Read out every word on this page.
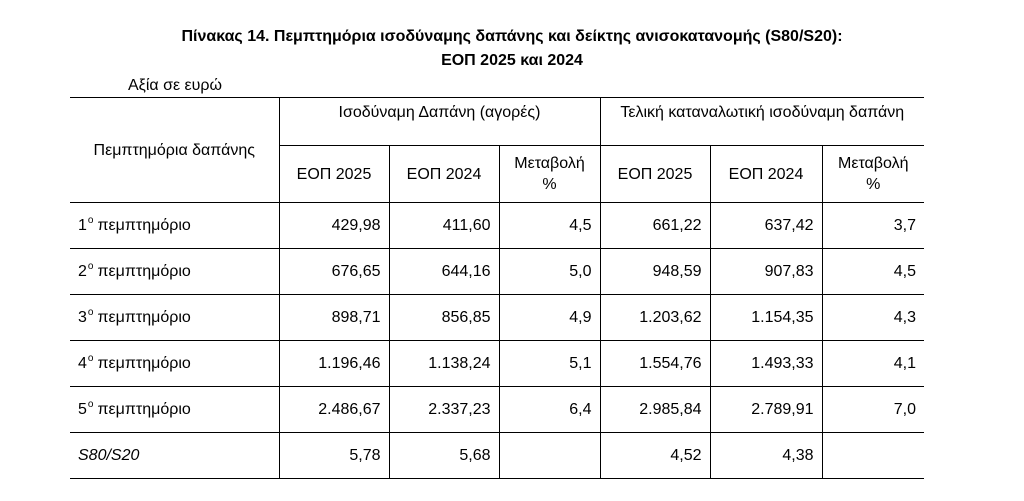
Πίνακας 14. Πεμπτημόρια ισοδύναμης δαπάνης και δείκτης ανισοκατανομής (S80/S20):
ΕΟΠ 2025 και 2024
Αξία σε ευρώ
Πεμπτημόρια δαπάνης	Ισοδύναμη Δαπάνη (αγορές)			Τελική καταναλωτική ισοδύναμη δαπάνη		
	ΕΟΠ 2025	ΕΟΠ 2024	Μεταβολή %	ΕΟΠ 2025	ΕΟΠ 2024	Μεταβολή %
$1^o$ πεμπτημόριο	429,98	411,60	4,5	661,22	637,42	3,7
$2^o$ πεμπτημόριο	676,65	644,16	5,0	948,59	907,83	4,5
$3^o$ πεμπτημόριο	898,71	856,85	4,9	1.203,62	1.154,35	4,3
$4^o$ πεμπτημόριο	1.196,46	1.138,24	5,1	1.554,76	1.493,33	4,1
$5^o$ πεμπτημόριο	2.486,67	2.337,23	6,4	2.985,84	2.789,91	7,0
S80/S20	5,78	5,68		4,52	4,38	
